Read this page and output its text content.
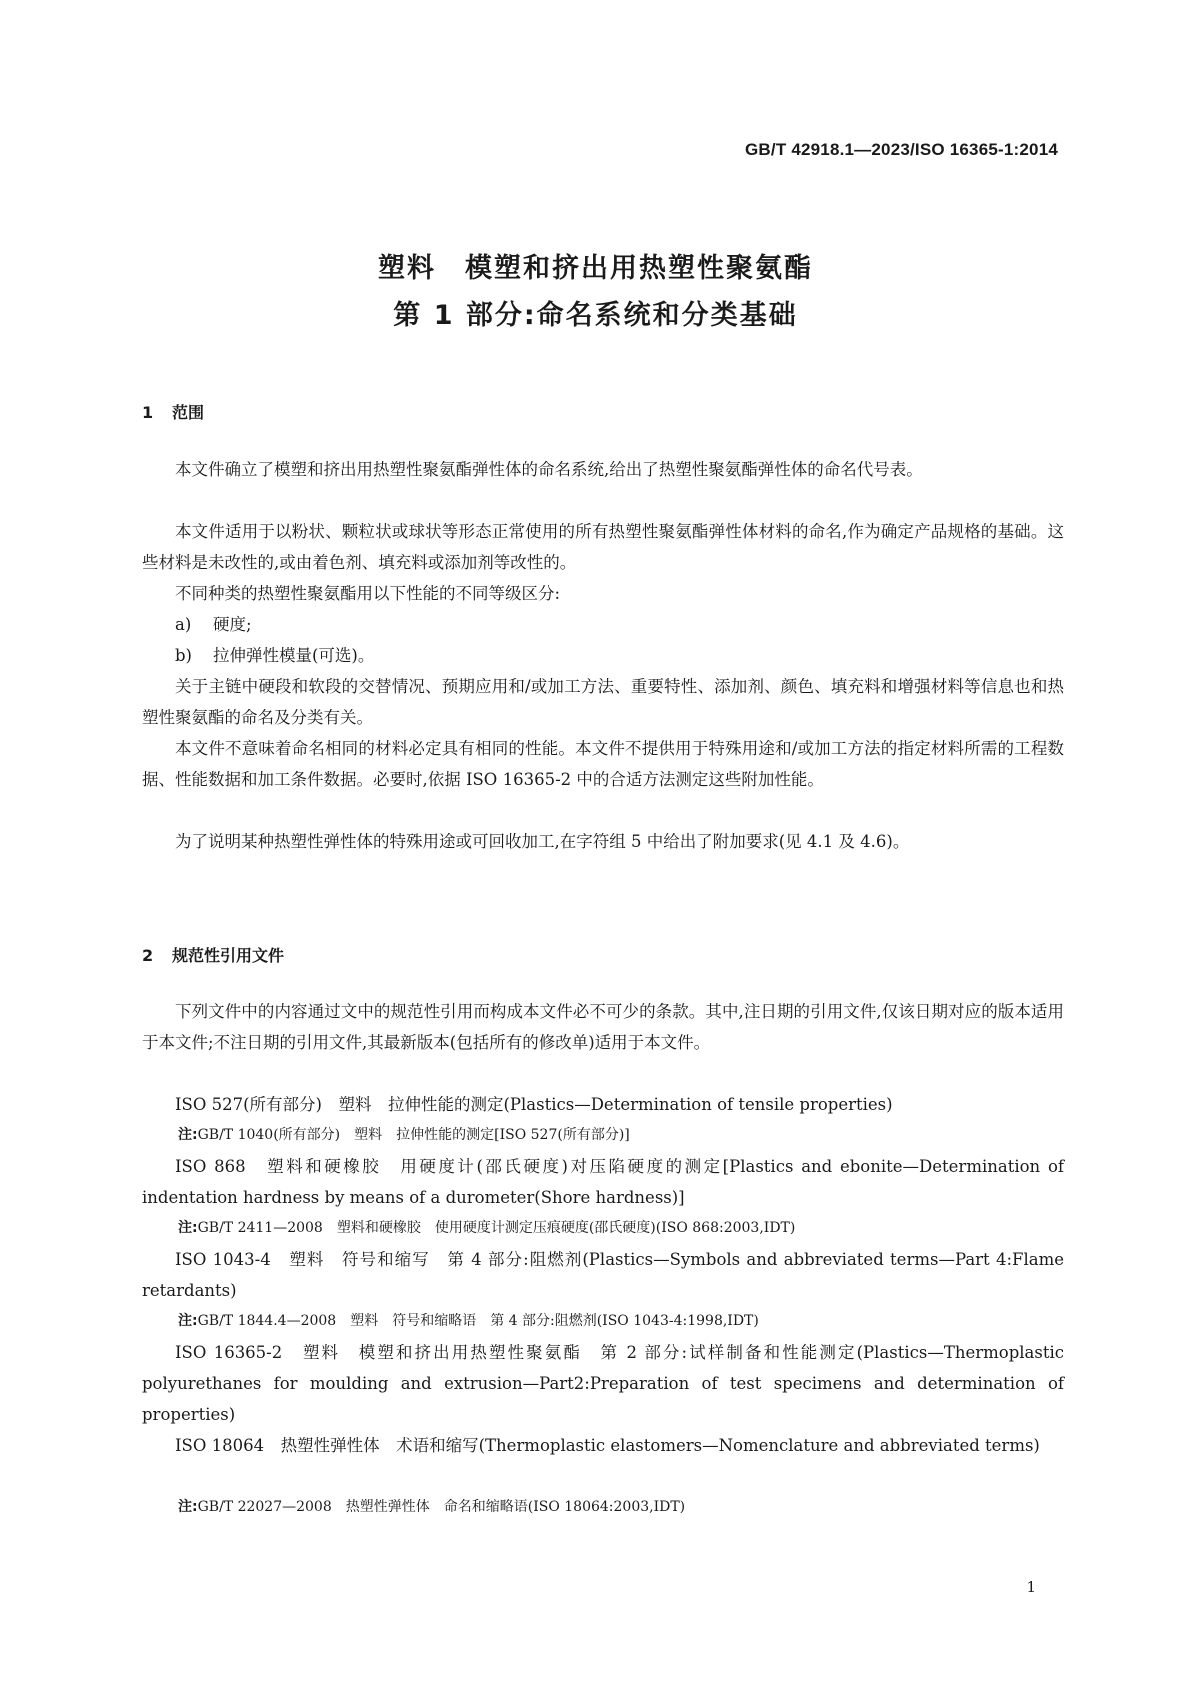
GB/T 42918.1—2023/ISO 16365-1:2014
塑料　模塑和挤出用热塑性聚氨酯
第 1 部分:命名系统和分类基础
1 范围

本文件确立了模塑和挤出用热塑性聚氨酯弹性体的命名系统,给出了热塑性聚氨酯弹性体的命名代号表。

本文件适用于以粉状、颗粒状或球状等形态正常使用的所有热塑性聚氨酯弹性体材料的命名,作为确定产品规格的基础。这些材料是未改性的,或由着色剂、填充料或添加剂等改性的。

不同种类的热塑性聚氨酯用以下性能的不同等级区分:

a) 硬度;
b) 拉伸弹性模量(可选)。

关于主链中硬段和软段的交替情况、预期应用和/或加工方法、重要特性、添加剂、颜色、填充料和增强材料等信息也和热塑性聚氨酯的命名及分类有关。

本文件不意味着命名相同的材料必定具有相同的性能。本文件不提供用于特殊用途和/或加工方法的指定材料所需的工程数据、性能数据和加工条件数据。必要时,依据 ISO 16365-2 中的合适方法测定这些附加性能。

为了说明某种热塑性弹性体的特殊用途或可回收加工,在字符组 5 中给出了附加要求(见 4.1 及 4.6)。

2 规范性引用文件

下列文件中的内容通过文中的规范性引用而构成本文件必不可少的条款。其中,注日期的引用文件,仅该日期对应的版本适用于本文件;不注日期的引用文件,其最新版本(包括所有的修改单)适用于本文件。

ISO 527(所有部分)　塑料　拉伸性能的测定(Plastics—Determination of tensile properties)

注:GB/T 1040(所有部分)　塑料　拉伸性能的测定[ISO 527(所有部分)]

ISO 868　塑料和硬橡胶　用硬度计(邵氏硬度)对压陷硬度的测定[Plastics and ebonite—Determination of indentation hardness by means of a durometer(Shore hardness)]

注:GB/T 2411—2008　塑料和硬橡胶　使用硬度计测定压痕硬度(邵氏硬度)(ISO 868:2003,IDT)

ISO 1043-4　塑料　符号和缩写　第 4 部分:阻燃剂(Plastics—Symbols and abbreviated terms—Part 4:Flame retardants)

注:GB/T 1844.4—2008　塑料　符号和缩略语　第 4 部分:阻燃剂(ISO 1043-4:1998,IDT)

ISO 16365-2　塑料　模塑和挤出用热塑性聚氨酯　第 2 部分:试样制备和性能测定(Plastics—Thermoplastic polyurethanes for moulding and extrusion—Part2:Preparation of test specimens and determination of properties)

ISO 18064　热塑性弹性体　术语和缩写(Thermoplastic elastomers—Nomenclature and abbreviated terms)

注:GB/T 22027—2008　热塑性弹性体　命名和缩略语(ISO 18064:2003,IDT)

1
